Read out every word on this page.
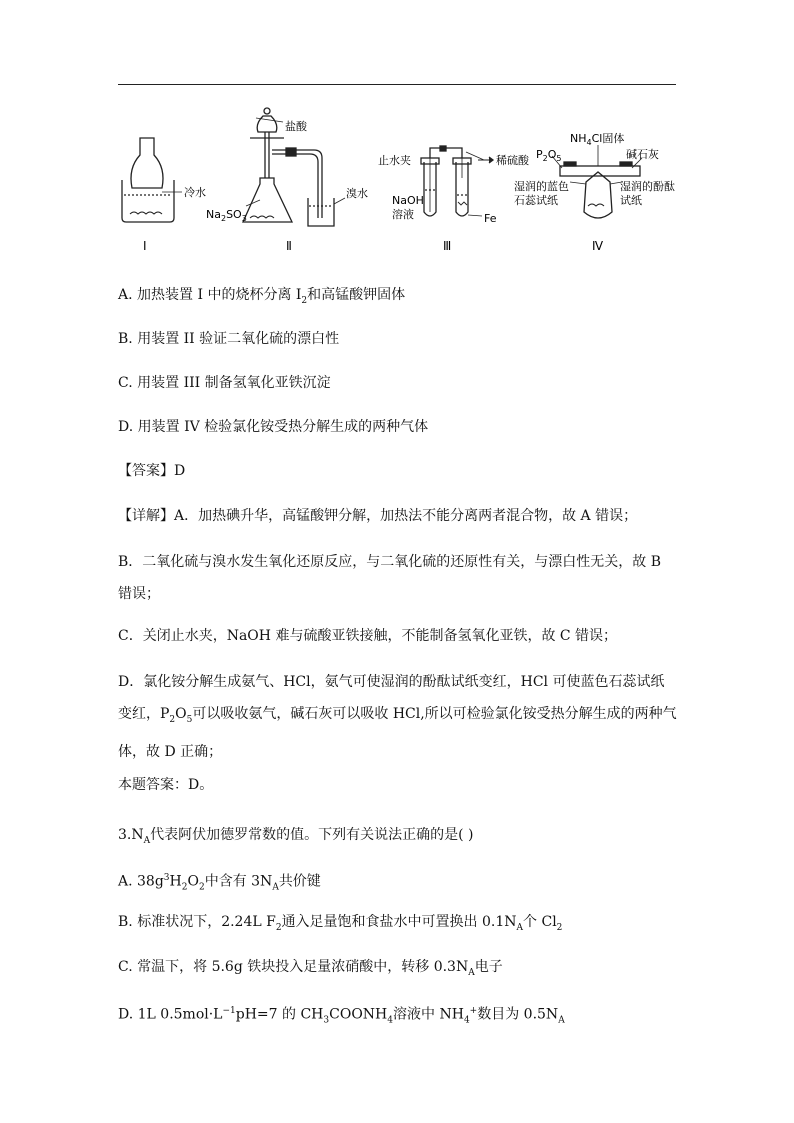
冷水
Ⅰ
盐酸
溴水
$Na_2SO_3$
Ⅱ
止水夹	稀硫酸
NaOH
溶液	Fe
Ⅲ
$NH_4Cl$固体
$P_2O_5$	碱石灰
湿润的蓝色
石蕊试纸
湿润的酚酞
试纸
Ⅳ
A. 加热装置 I 中的烧杯分离 $I_2$和高锰酸钾固体
B. 用装置 II 验证二氧化硫的漂白性
C. 用装置 III 制备氢氧化亚铁沉淀
D. 用装置 IV 检验氯化铵受热分解生成的两种气体
【答案】D
【详解】A．加热碘升华，高锰酸钾分解，加热法不能分离两者混合物，故 A 错误；
B．二氧化硫与溴水发生氧化还原反应，与二氧化硫的还原性有关，与漂白性无关，故 B 错误；
C．关闭止水夹，NaOH 难与硫酸亚铁接触，不能制备氢氧化亚铁，故 C 错误；
D．氯化铵分解生成氨气、HCl，氨气可使湿润的酚酞试纸变红，HCl 可使蓝色石蕊试纸变红，$P_2O_5$可以吸收氨气，碱石灰可以吸收 HCl,所以可检验氯化铵受热分解生成的两种气体，故 D 正确；
本题答案：D。
$3.N_A$代表阿伏加德罗常数的值。下列有关说法正确的是( )
A. $38g^3H_2O_2$中含有 $3N_A$共价键
B. 标准状况下，2.24L $F_2$通入足量饱和食盐水中可置换出 $0.1N_A$个 $Cl_2$
C. 常温下，将 5.6g 铁块投入足量浓硝酸中，转移 $0.3N_A$电子
D. 1L $0.5mol\cdot L^{-1}pH=7$ 的 $CH_3COONH_4$溶液中 $NH_4^+$数目为 $0.5N_A$
